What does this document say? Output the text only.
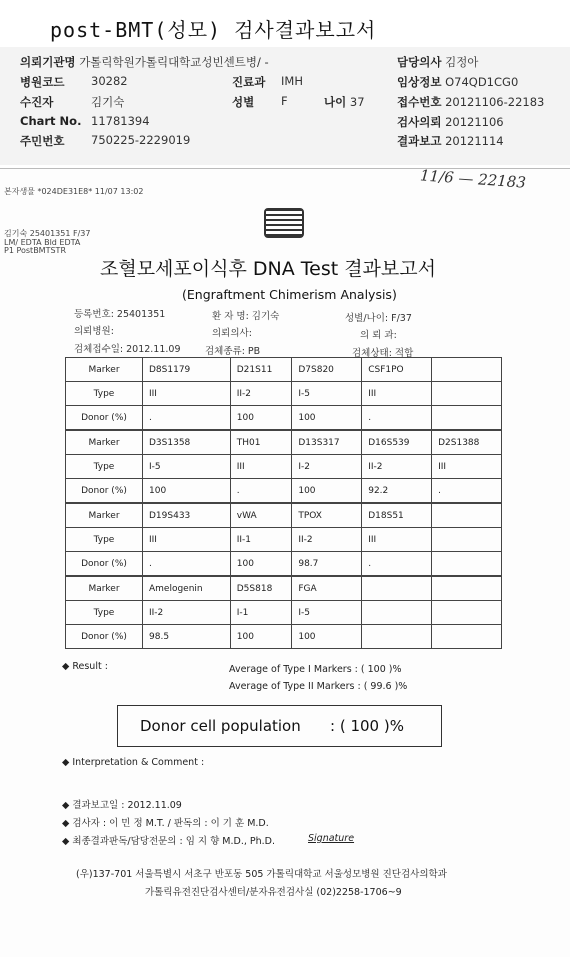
post-BMT(성모) 검사결과보고서
의뢰기관명 가톨릭학원가톨릭대학교성빈센트병/ -	담당의사 김정아
병원코드 30282	진료과 IMH	임상정보 O74QD1CG0
수진자	김기숙	성별 F	나이 37	접수번호 20121106-22183
Chart No. 11781394	검사의뢰 20121106
주민번호 750225-2229019	결과보고 20121114
본자생물 *024DE31E8* 11/07 13:02
김기숙 25401351 F/37
LM/ EDTA Bld EDTA
P1 PostBMTSTR
11/6 — 22183
조혈모세포이식후 DNA Test 결과보고서
(Engraftment Chimerism Analysis)
등록번호: 25401351	환 자 명: 김기숙	성별/나이: F/37
의뢰병원:	의뢰의사:	의 뢰 과:
검체접수일: 2012.11.09	검체종류: PB	검체상태: 적합
Marker	D8S1179	D21S11	D7S820	CSF1PO	
Type	III	II-2	I-5	III	
Donor (%)	.	100	100	.	

Marker	D3S1358	TH01	D13S317	D16S539	D2S1388
Type	I-5	III	I-2	II-2	III
Donor (%)	100	.	100	92.2	.

Marker	D19S433	vWA	TPOX	D18S51	
Type	III	II-1	II-2	III	
Donor (%)	.	100	98.7	.	

Marker	Amelogenin	D5S818	FGA		
Type	II-2	I-1	I-5		
Donor (%)	98.5	100	100		
◆ Result :	Average of Type I Markers : ( 100 )%
Average of Type II Markers : ( 99.6 )%
Donor cell population : ( 100 )%
◆ Interpretation & Comment :
◆ 결과보고일 : 2012.11.09
◆ 검사자 : 이 민 정 M.T. / 판독의 : 이 기 훈 M.D.
◆ 최종결과판독/담당전문의 : 임 지 향 M.D., Ph.D.	Signature
(우)137-701 서울특별시 서초구 반포동 505 가톨릭대학교 서울성모병원 진단검사의학과
가톨릭유전진단검사센터/분자유전검사실 (02)2258-1706~9
